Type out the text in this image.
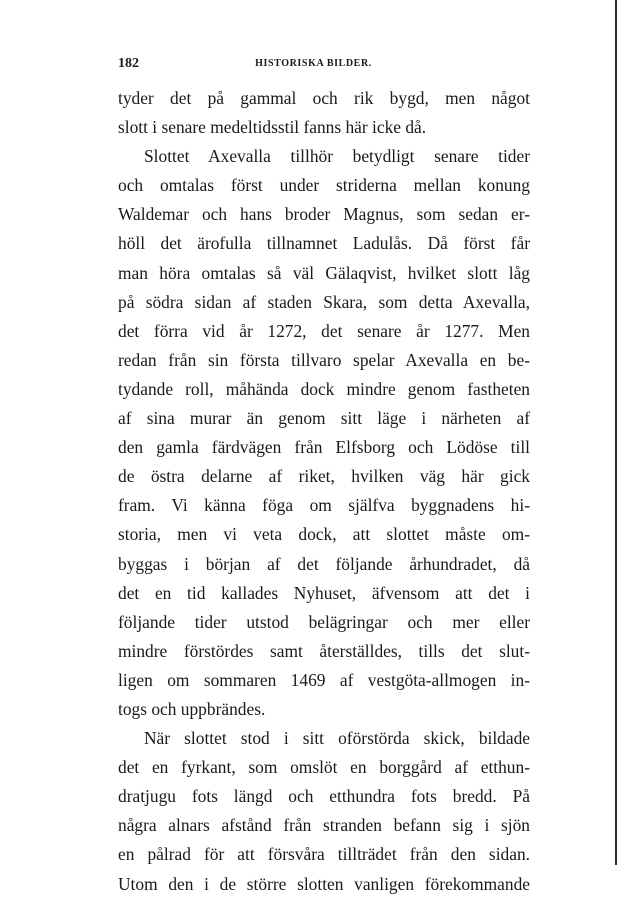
182	HISTORISKA BILDER.
tyder det på gammal och rik bygd, men något
slott i senare medeltidsstil fanns här icke då.
Slottet Axevalla tillhör betydligt senare tider
och omtalas först under striderna mellan konung
Waldemar och hans broder Magnus, som sedan er-
höll det ärofulla tillnamnet Ladulås. Då först får
man höra omtalas så väl Gälaqvist, hvilket slott låg
på södra sidan af staden Skara, som detta Axevalla,
det förra vid år 1272, det senare år 1277. Men
redan från sin första tillvaro spelar Axevalla en be-
tydande roll, måhända dock mindre genom fastheten
af sina murar än genom sitt läge i närheten af
den gamla färdvägen från Elfsborg och Lödöse till
de östra delarne af riket, hvilken väg här gick
fram. Vi känna föga om själfva byggnadens hi-
storia, men vi veta dock, att slottet måste om-
byggas i början af det följande århundradet, då
det en tid kallades Nyhuset, äfvensom att det i
följande tider utstod belägringar och mer eller
mindre förstördes samt återställdes, tills det slut-
ligen om sommaren 1469 af vestgöta-allmogen in-
togs och uppbrändes.
När slottet stod i sitt oförstörda skick, bildade
det en fyrkant, som omslöt en borggård af etthun-
dratjugu fots längd och etthundra fots bredd. På
några alnars afstånd från stranden befann sig i sjön
en pålrad för att försvåra tillträdet från den sidan.
Utom den i de större slotten vanligen förekommande
